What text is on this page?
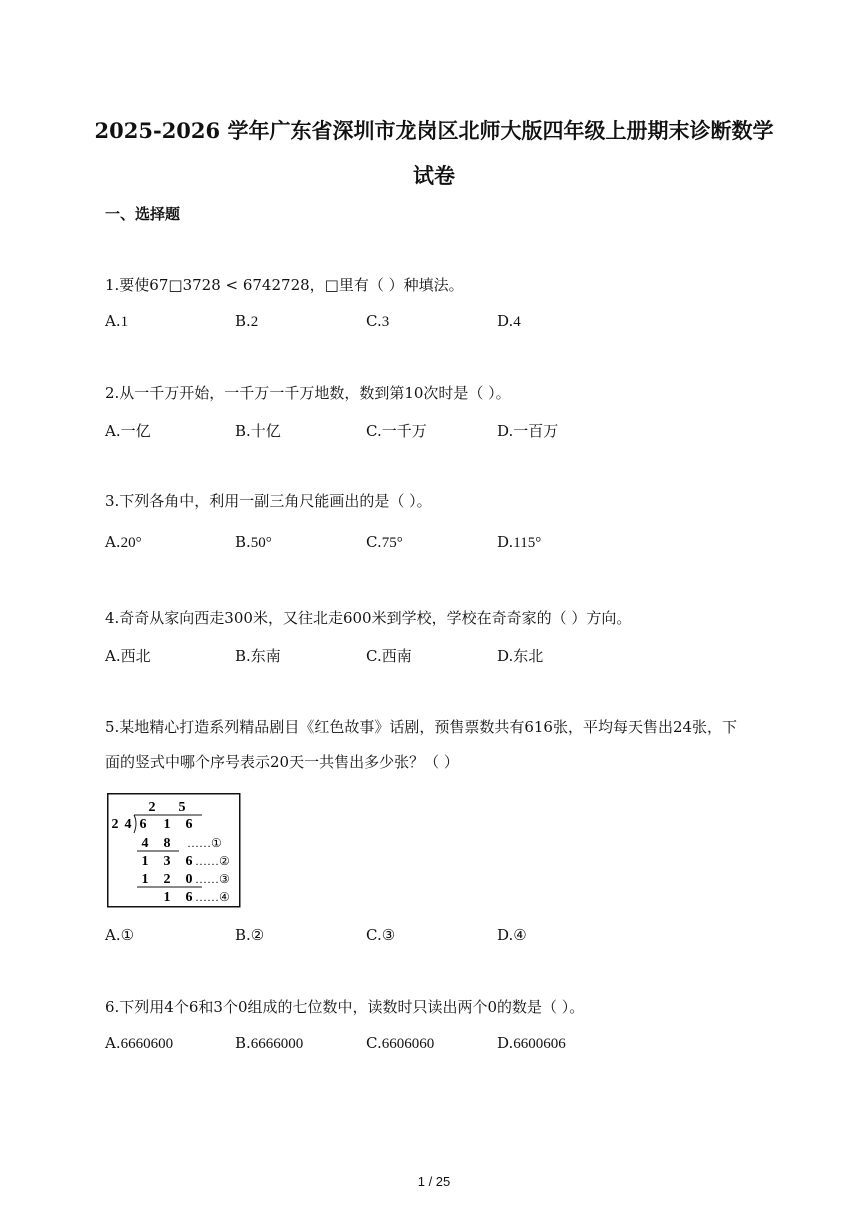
2025-2026 学年广东省深圳市龙岗区北师大版四年级上册期末诊断数学
试卷
一、选择题
1.要使67□3728 < 6742728，□里有（ ）种填法。
A.1	B.2	C.3	D.4
2.从一千万开始，一千万一千万地数，数到第10次时是（ ）。
A.一亿	B.十亿	C.一千万	D.一百万
3.下列各角中，利用一副三角尺能画出的是（ ）。
A.20°	B.50°	C.75°	D.115°
4.奇奇从家向西走300米，又往北走600米到学校，学校在奇奇家的（ ）方向。
A.西北	B.东南	C.西南	D.东北
5.某地精心打造系列精品剧目《红色故事》话剧，预售票数共有616张，平均每天售出24张，下
面的竖式中哪个序号表示20天一共售出多少张？（ ）
2 5
2 4 6 1 6
4 8 ……①
1 3 6 ……②
1 2 0 ……③
1 6 ……④
A.①	B.②	C.③	D.④
6.下列用4个6和3个0组成的七位数中，读数时只读出两个0的数是（ ）。
A.6660600	B.6666000	C.6606060	D.6600606
1 / 25
